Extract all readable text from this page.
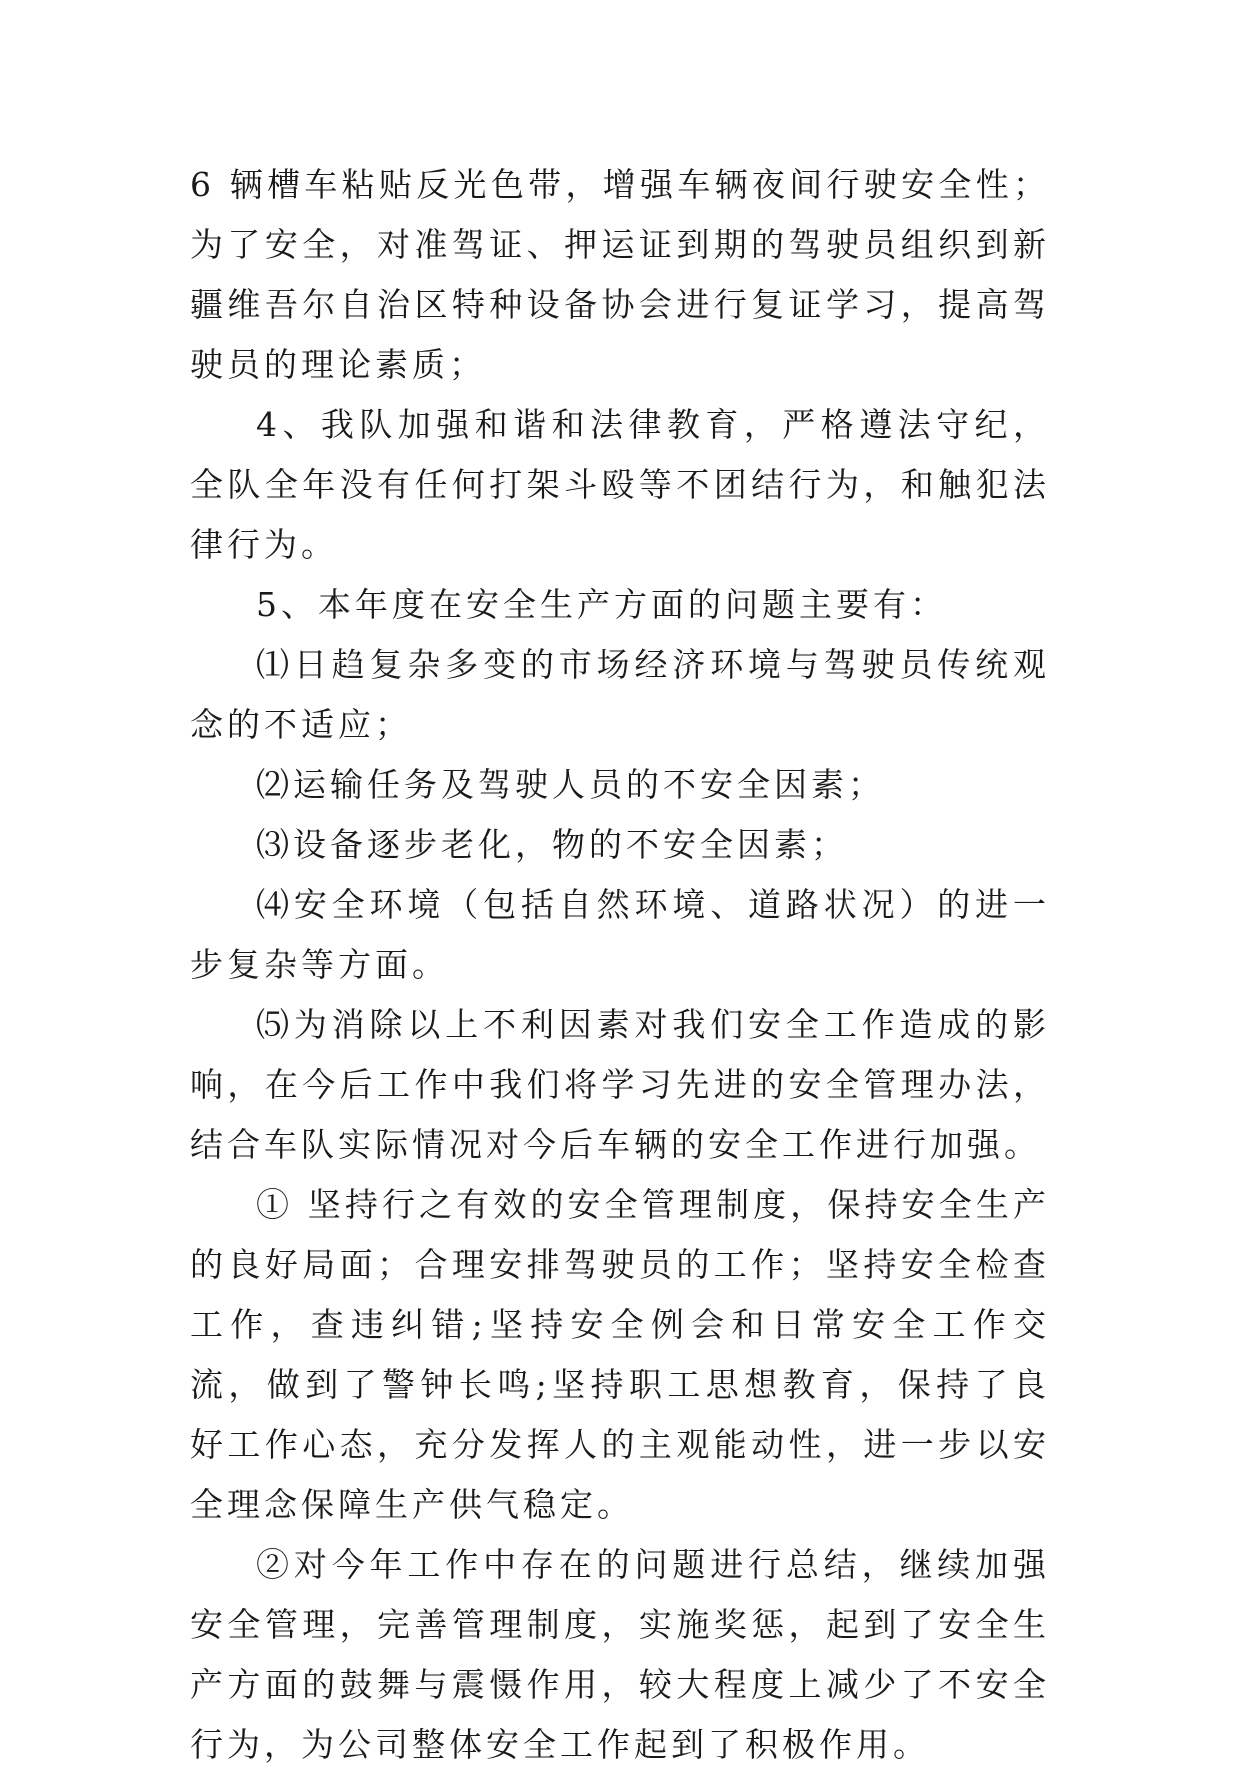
6 辆槽车粘贴反光色带，增强车辆夜间行驶安全性；为了安全，对准驾证、押运证到期的驾驶员组织到新疆维吾尔自治区特种设备协会进行复证学习，提高驾驶员的理论素质；

4、我队加强和谐和法律教育，严格遵法守纪，全队全年没有任何打架斗殴等不团结行为，和触犯法律行为。

5、本年度在安全生产方面的问题主要有：

⑴日趋复杂多变的市场经济环境与驾驶员传统观念的不适应；

⑵运输任务及驾驶人员的不安全因素；

⑶设备逐步老化，物的不安全因素；

⑷安全环境（包括自然环境、道路状况）的进一步复杂等方面。

⑸为消除以上不利因素对我们安全工作造成的影响，在今后工作中我们将学习先进的安全管理办法，结合车队实际情况对今后车辆的安全工作进行加强。

① 坚持行之有效的安全管理制度，保持安全生产的良好局面；合理安排驾驶员的工作；坚持安全检查工作，查违纠错;坚持安全例会和日常安全工作交流，做到了警钟长鸣;坚持职工思想教育，保持了良好工作心态，充分发挥人的主观能动性，进一步以安全理念保障生产供气稳定。

②对今年工作中存在的问题进行总结，继续加强安全管理，完善管理制度，实施奖惩，起到了安全生产方面的鼓舞与震慑作用，较大程度上减少了不安全行为，为公司整体安全工作起到了积极作用。
